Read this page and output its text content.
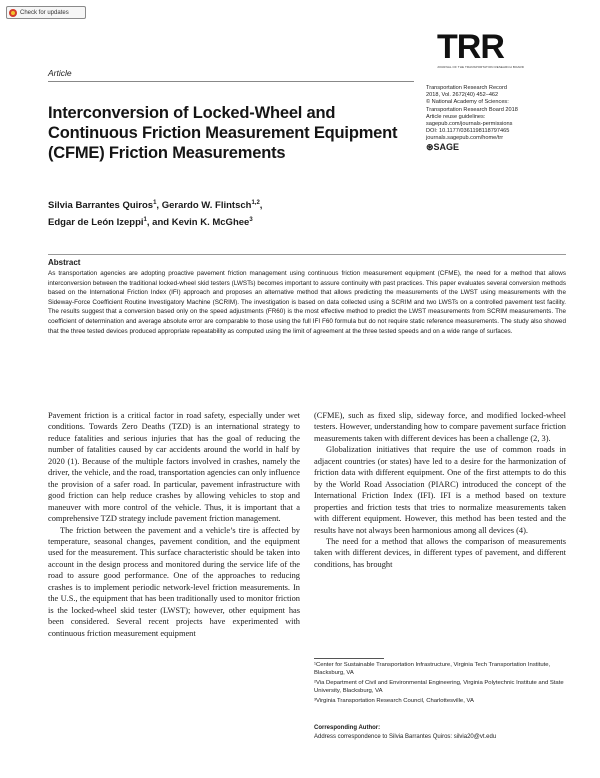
Check for updates
TRR
JOURNAL OF THE TRANSPORTATION RESEARCH BOARD
Article
Transportation Research Record
2018, Vol. 2672(40) 452–462
© National Academy of Sciences:
Transportation Research Board 2018
Article reuse guidelines:
sagepub.com/journals-permissions
DOI: 10.1177/0361198118797465
journals.sagepub.com/home/trr
⊛SAGE
Interconversion of Locked-Wheel and Continuous Friction Measurement Equipment (CFME) Friction Measurements

Silvia Barrantes Quiros$^1$, Gerardo W. Flintsch$^{1,2}$,
Edgar de León Izeppi$^1$, and Kevin K. McGhee$^3$

Abstract

As transportation agencies are adopting proactive pavement friction management using continuous friction measurement equipment (CFME), the need for a method that allows interconversion between the traditional locked-wheel skid testers (LWSTs) becomes important to assure continuity with past practices. This paper evaluates several conversion methods based on the International Friction Index (IFI) approach and proposes an alternative method that allows predicting the measurements of the LWST using measurements with the Sideway-Force Coefficient Routine Investigatory Machine (SCRIM). The investigation is based on data collected using a SCRIM and two LWSTs on a controlled pavement test facility. The results suggest that a conversion based only on the speed adjustments (FR60) is the most effective method to predict the LWST measurements from SCRIM measurements. The coefficient of determination and average absolute error are comparable to those using the full IFI F60 formula but do not require static reference measurements. The study also showed that the three tested devices produced appropriate repeatability as computed using the limit of agreement at the three tested speeds and on a wide range of surfaces.

Pavement friction is a critical factor in road safety, especially under wet conditions. Towards Zero Deaths (TZD) is an international strategy to reduce fatalities and serious injuries that has the goal of reducing the number of fatalities caused by car accidents around the world in half by 2020 (1). Because of the multiple factors involved in crashes, namely the driver, the vehicle, and the road, transportation agencies can only influence the provision of a safer road. In particular, pavement infrastructure with good friction can help reduce crashes by allowing vehicles to stop and maneuver with more control of the vehicle. Thus, it is important that a comprehensive TZD strategy include pavement friction management.

The friction between the pavement and a vehicle’s tire is affected by temperature, seasonal changes, pavement condition, and the equipment used for the measurement. This surface characteristic should be taken into account in the design process and monitored during the service life of the road to assure good performance. One of the approaches to reducing crashes is to implement periodic network-level friction measurements. In the U.S., the equipment that has been traditionally used to monitor friction is the locked-wheel skid tester (LWST); however, other equipment has been considered. Several recent projects have experimented with continuous friction measurement equipment

(CFME), such as fixed slip, sideway force, and modified locked-wheel testers. However, understanding how to compare pavement surface friction measurements taken with different devices has been a challenge (2, 3).

Globalization initiatives that require the use of common roads in adjacent countries (or states) have led to a desire for the harmonization of friction data with different equipment. One of the first attempts to do this by the World Road Association (PIARC) introduced the concept of the International Friction Index (IFI). IFI is a method based on texture properties and friction tests that tries to normalize measurements taken with different equipment. However, this method has been tested and the results have not always been harmonious among all devices (4).

The need for a method that allows the comparison of measurements taken with different devices, in different types of pavement, and different conditions, has brought

¹Center for Sustainable Transportation Infrastructure, Virginia Tech Transportation Institute, Blacksburg, VA

²Via Department of Civil and Environmental Engineering, Virginia Polytechnic Institute and State University, Blacksburg, VA

³Virginia Transportation Research Council, Charlottesville, VA

Corresponding Author:
Address correspondence to Silvia Barrantes Quiros: silvia20@vt.edu
